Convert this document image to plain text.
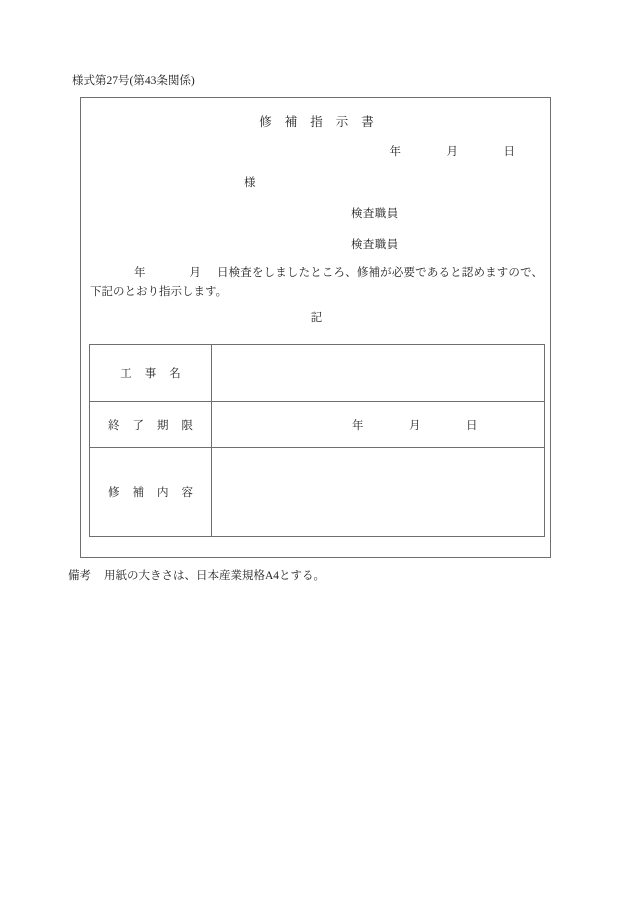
様式第27号(第43条関係)
修補指示書
年　月　日
様
検査職員
検査職員
年　月日検査をしましたところ、修補が必要であると認めますので、下記のとおり指示します。
記
工事名	

終了期限	年　月　日

修補内容	

備考 用紙の大きさは、日本産業規格A4とする。
